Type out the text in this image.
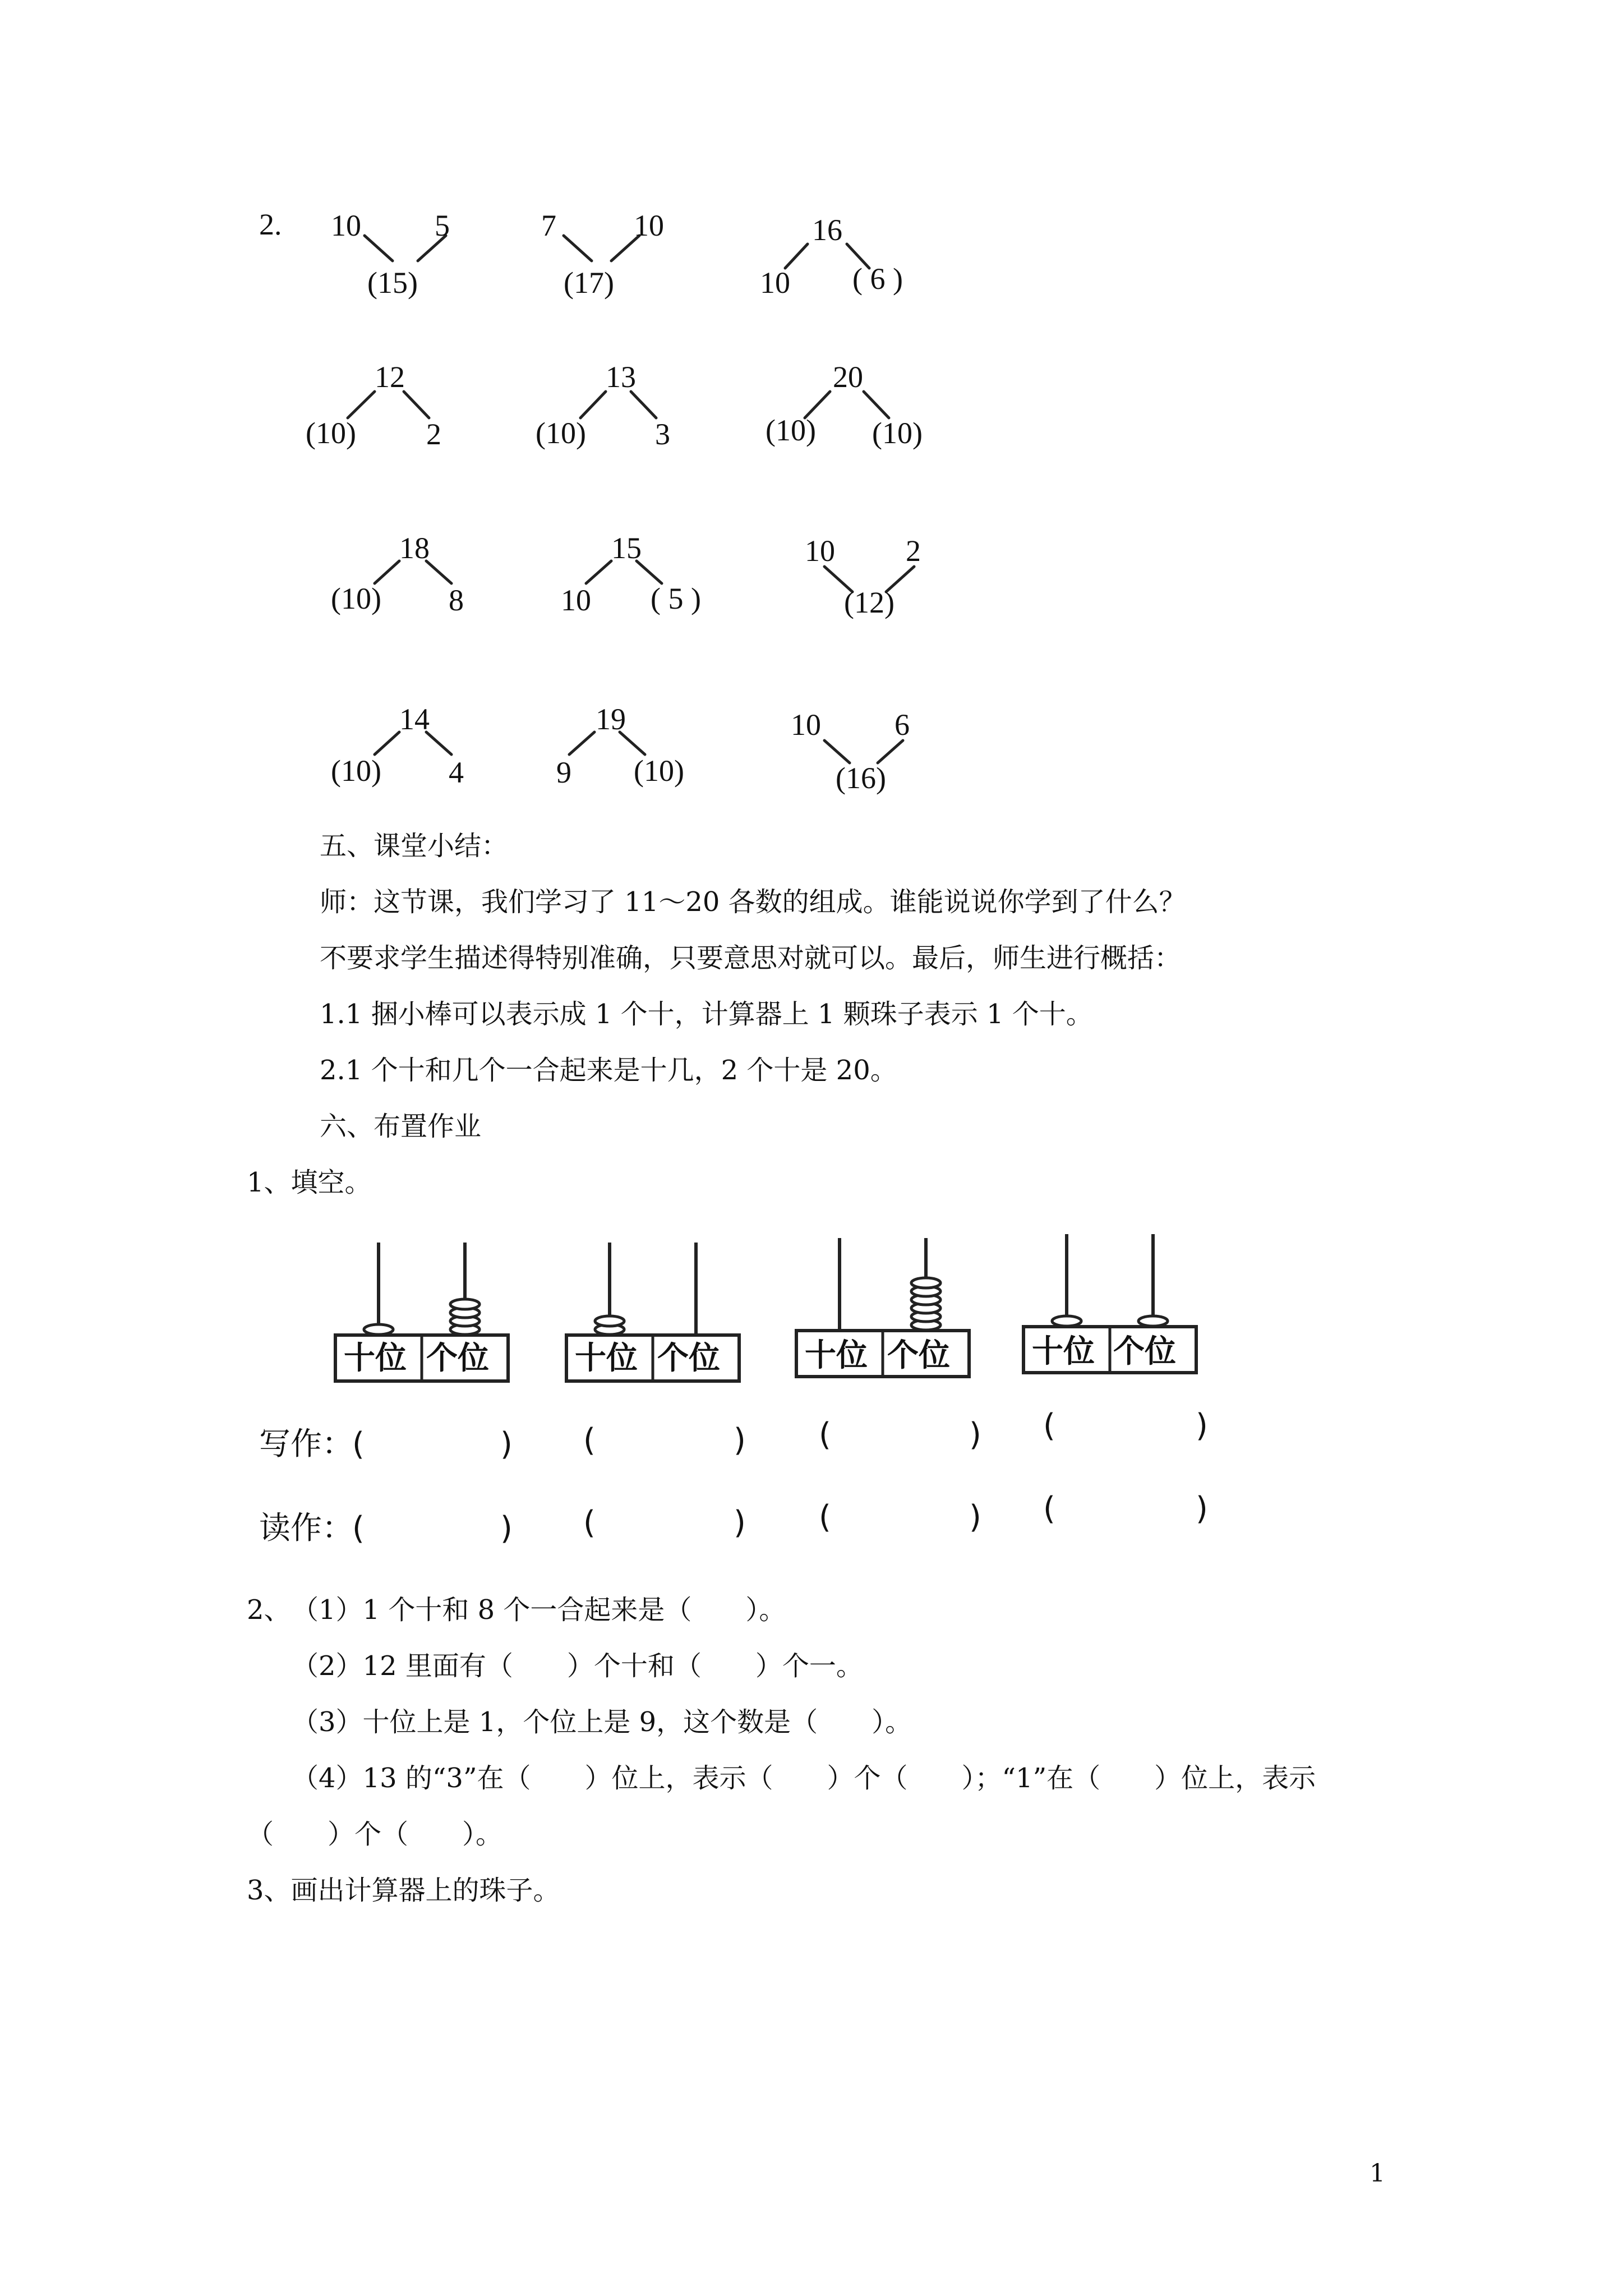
2. 10 5
(15)
7	10
(17)
16
10 ( 6 )
12
(10) 2
13
(10) 3
20
(10) (10)
18
(10) 8
15
10 ( 5 )
10 2
(12)
14
(10) 4
19
9 (10)
10 6
(16)
五、课堂小结：
师：这节课，我们学习了 11～20 各数的组成。谁能说说你学到了什么？
不要求学生描述得特别准确，只要意思对就可以。最后，师生进行概括：
1.1 捆小棒可以表示成 1 个十，计算器上 1 颗珠子表示 1 个十。
2.1 个十和几个一合起来是十几，2 个十是 20。
六、布置作业
1、填空。
十位 个位	十位 个位	十位 个位	十位 个位
写作：
读作：
(	) (	) (	) (	)
(	) (	) (	) (	)
2、 （1）1 个十和 8 个一合起来是（　　）。
（2）12 里面有（　　）个十和（　　）个一。
（3）十位上是 1，个位上是 9，这个数是（　　）。
（4）13 的“3”在（　　）位上，表示（　　）个（　　）；“1”在（　　）位上，表示
（　　）个（　　）。
3、画出计算器上的珠子。
1
